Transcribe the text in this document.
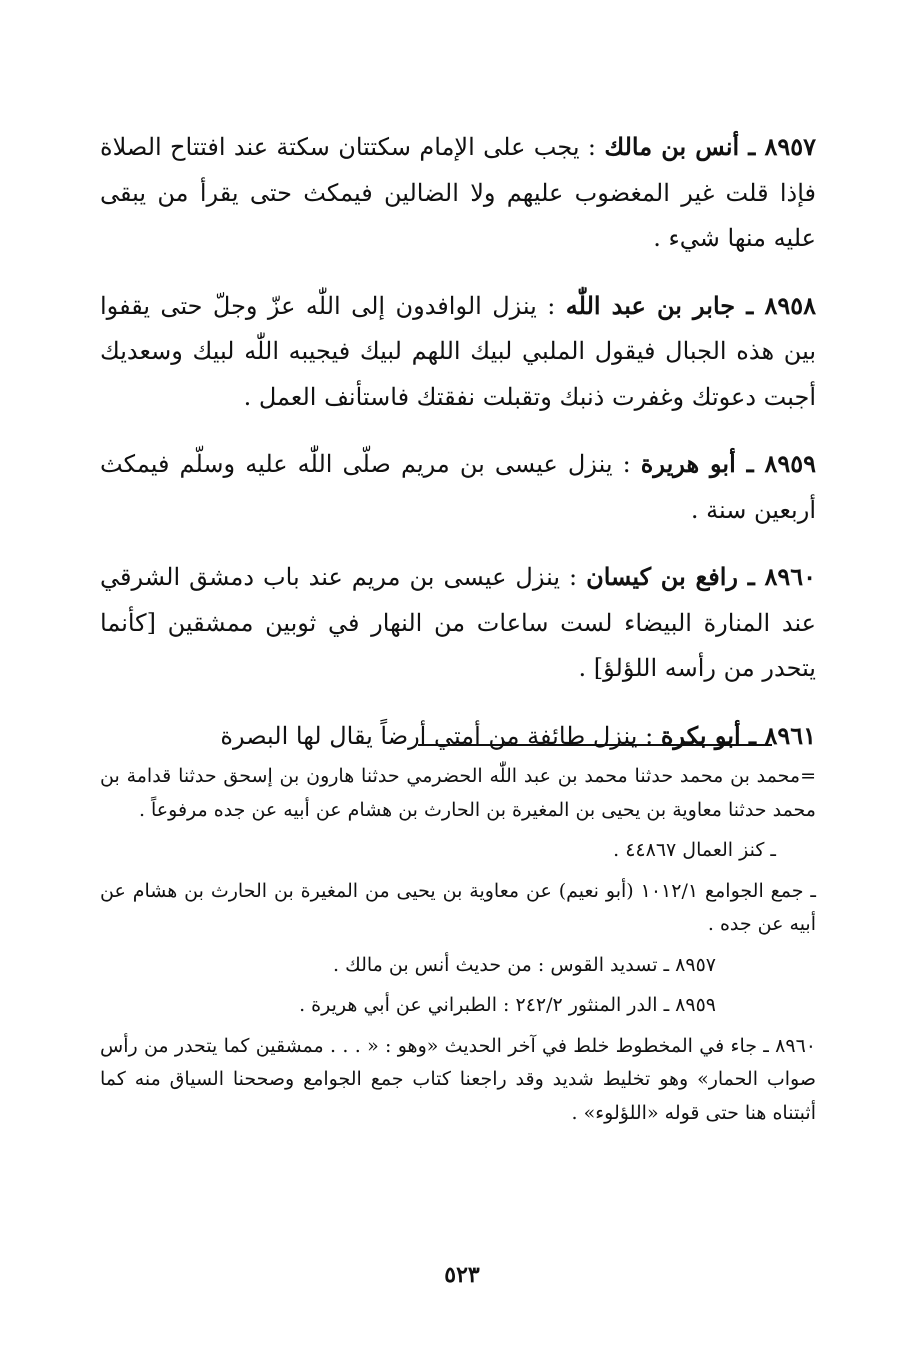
٨٩٥٧ ـ أنس بن مالك : يجب على الإمام سكتتان سكتة عند افتتاح الصلاة فإذا قلت غير المغضوب عليهم ولا الضالين فيمكث حتى يقرأ من يبقى عليه منها شيء .

٨٩٥٨ ـ جابر بن عبد اللّٰه : ينزل الوافدون إلى اللّٰه عزّ وجلّ حتى يقفوا بين هذه الجبال فيقول الملبي لبيك اللهم لبيك فيجيبه اللّٰه لبيك وسعديك أجبت دعوتك وغفرت ذنبك وتقبلت نفقتك فاستأنف العمل .

٨٩٥٩ ـ أبو هريرة : ينزل عيسى بن مريم صلّى اللّٰه عليه وسلّم فيمكث أربعين سنة .

٨٩٦٠ ـ رافع بن كيسان : ينزل عيسى بن مريم عند باب دمشق الشرقي عند المنارة البيضاء لست ساعات من النهار في ثوبين ممشقين [كأنما يتحدر من رأسه اللؤلؤ] .

٨٩٦١ ـ أبو بكرة : ينزل طائفة من أمتي أرضاً يقال لها البصرة

=محمد بن محمد حدثنا محمد بن عبد اللّٰه الحضرمي حدثنا هارون بن إسحق حدثنا قدامة بن محمد حدثنا معاوية بن يحيى بن المغيرة بن الحارث بن هشام عن أبيه عن جده مرفوعاً .

ـ كنز العمال ٤٤٨٦٧ .

ـ جمع الجوامع ١٠١٢/١ (أبو نعيم) عن معاوية بن يحيى من المغيرة بن الحارث بن هشام عن أبيه عن جده .

٨٩٥٧ ـ تسديد القوس : من حديث أنس بن مالك .

٨٩٥٩ ـ الدر المنثور ٢٤٢/٢ : الطبراني عن أبي هريرة .

٨٩٦٠ ـ جاء في المخطوط خلط في آخر الحديث «وهو : « . . . ممشقين كما يتحدر من رأس صواب الحمار» وهو تخليط شديد وقد راجعنا كتاب جمع الجوامع وصححنا السياق منه كما أثبتناه هنا حتى قوله «اللؤلوء» .

٥٢٣
